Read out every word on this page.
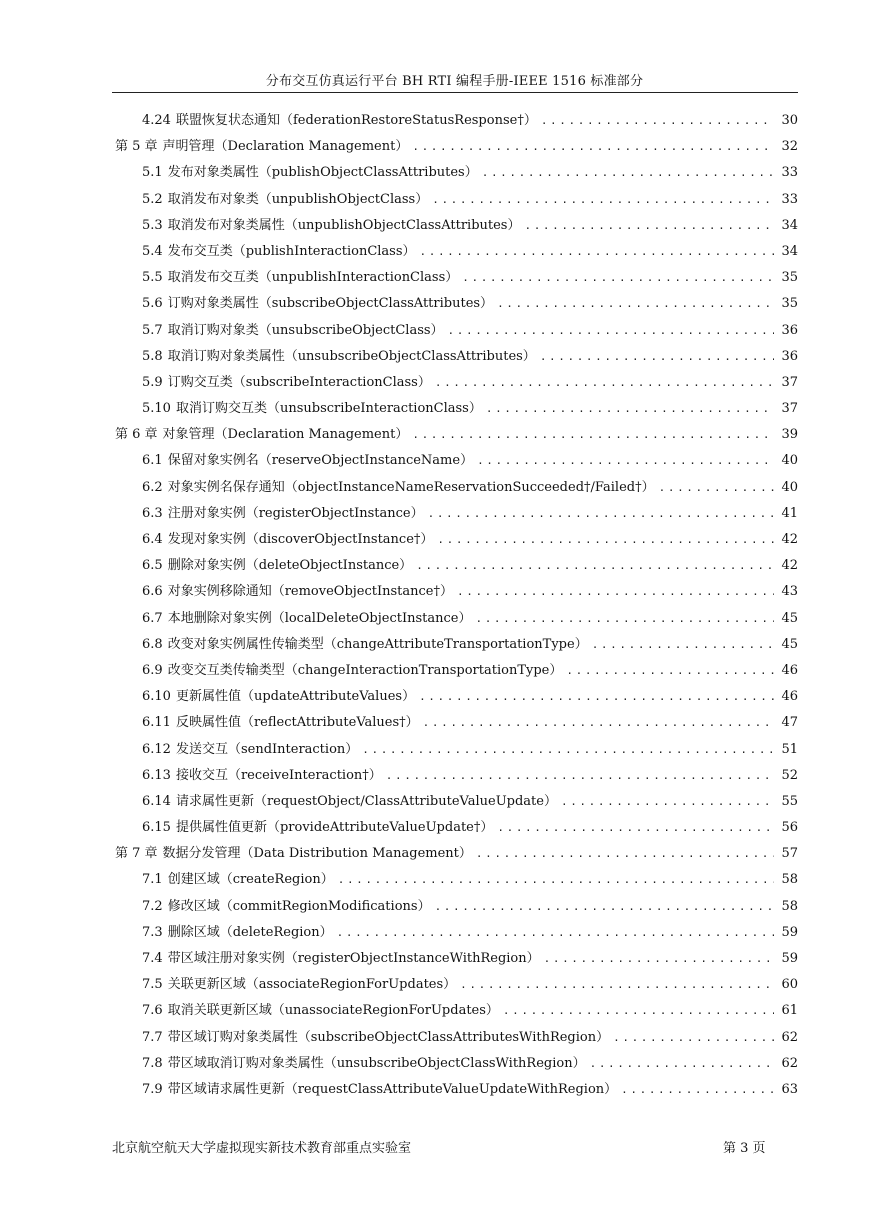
分布交互仿真运行平台 BH RTI 编程手册-IEEE 1516 标准部分
4.24 联盟恢复状态通知（federationRestoreStatusResponse†） .....	30
第 5 章 声明管理（Declaration Management） .....	32
5.1 发布对象类属性（publishObjectClassAttributes） .....	33
5.2 取消发布对象类（unpublishObjectClass） .....	33
5.3 取消发布对象类属性（unpublishObjectClassAttributes） .....	34
5.4 发布交互类（publishInteractionClass） .....	34
5.5 取消发布交互类（unpublishInteractionClass） .....	35
5.6 订购对象类属性（subscribeObjectClassAttributes） .....	35
5.7 取消订购对象类（unsubscribeObjectClass） .....	36
5.8 取消订购对象类属性（unsubscribeObjectClassAttributes） .....	36
5.9 订购交互类（subscribeInteractionClass） .....	37
5.10 取消订购交互类（unsubscribeInteractionClass） .....	37
第 6 章 对象管理（Declaration Management） .....	39
6.1 保留对象实例名（reserveObjectInstanceName） .....	40
6.2 对象实例名保存通知（objectInstanceNameReservationSucceeded†/Failed†） .....	40
6.3 注册对象实例（registerObjectInstance） .....	41
6.4 发现对象实例（discoverObjectInstance†） .....	42
6.5 删除对象实例（deleteObjectInstance） .....	42
6.6 对象实例移除通知（removeObjectInstance†） .....	43
6.7 本地删除对象实例（localDeleteObjectInstance） .....	45
6.8 改变对象实例属性传输类型（changeAttributeTransportationType） .....	45
6.9 改变交互类传输类型（changeInteractionTransportationType） .....	46
6.10 更新属性值（updateAttributeValues） .....	46
6.11 反映属性值（reflectAttributeValues†） .....	47
6.12 发送交互（sendInteraction） .....	51
6.13 接收交互（receiveInteraction†） .....	52
6.14 请求属性更新（requestObject/ClassAttributeValueUpdate） .....	55
6.15 提供属性值更新（provideAttributeValueUpdate†） .....	56
第 7 章 数据分发管理（Data Distribution Management） .....	57
7.1 创建区域（createRegion） .....	58
7.2 修改区域（commitRegionModifications） .....	58
7.3 删除区域（deleteRegion） .....	59
7.4 带区域注册对象实例（registerObjectInstanceWithRegion） .....	59
7.5 关联更新区域（associateRegionForUpdates） .....	60
7.6 取消关联更新区域（unassociateRegionForUpdates） .....	61
7.7 带区域订购对象类属性（subscribeObjectClassAttributesWithRegion） .....	62
7.8 带区域取消订购对象类属性（unsubscribeObjectClassWithRegion） .....	62
7.9 带区域请求属性更新（requestClassAttributeValueUpdateWithRegion） .....	63
北京航空航天大学虚拟现实新技术教育部重点实验室	第 3 页
